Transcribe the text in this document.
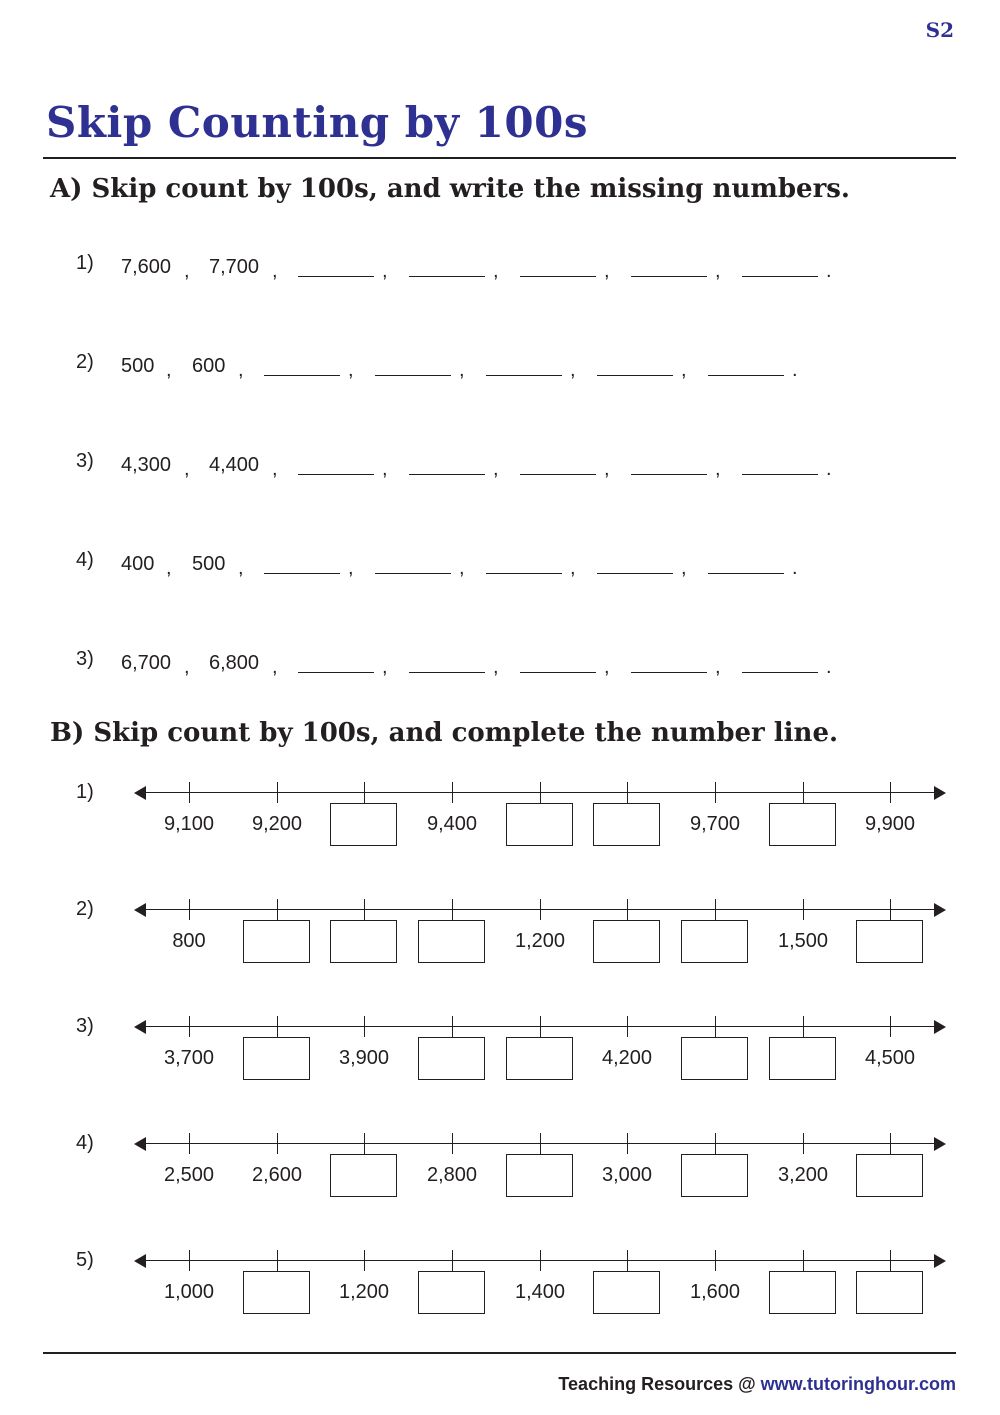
S2
Skip Counting by 100s
A) Skip count by 100s, and write the missing numbers.
1) 7,600 , 7,700 ,	,	,	,	,	.
2) 500 , 600 ,	,	,	,	,	.
3) 4,300 , 4,400 ,	,	,	,	,	.
4) 400 , 500 ,	,	,	,	,	.
3) 6,700 , 6,800 ,	,	,	,	,	.
B) Skip count by 100s, and complete the number line.
1)
9,100	9,200	9,400	9,700	9,900
2)
800	1,200	1,500
3)
3,700	3,900	4,200	4,500
4)
2,500	2,600	2,800	3,000	3,200
5)
1,000	1,200	1,400	1,600
Teaching Resources @ www.tutoringhour.com
